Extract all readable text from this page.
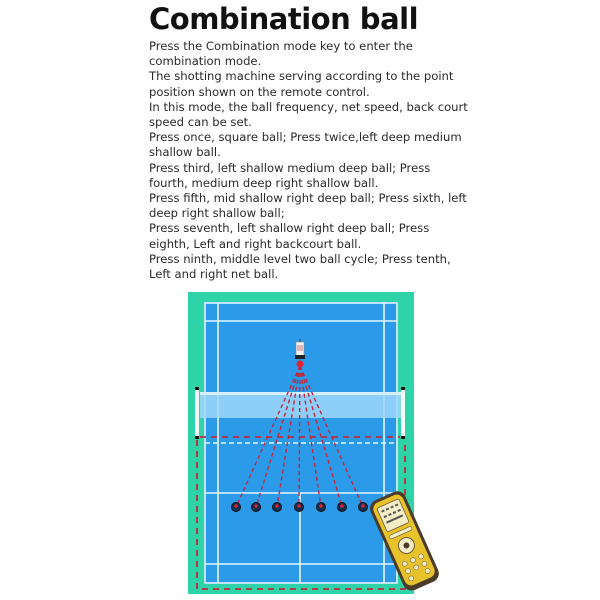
Combination ball

Press the Combination mode key to enter the combination mode.

The shotting machine serving according to the point position shown on the remote control.

In this mode, the ball frequency, net speed, back court speed can be set.

Press once, square ball; Press twice,left deep medium shallow ball.

Press third, left shallow medium deep ball; Press fourth, medium deep right shallow ball.

Press fifth, mid shallow right deep ball; Press sixth, left deep right shallow ball;

Press seventh, left shallow right deep ball; Press eighth, Left and right backcourt ball.

Press ninth, middle level two ball cycle; Press tenth, Left and right net ball.
